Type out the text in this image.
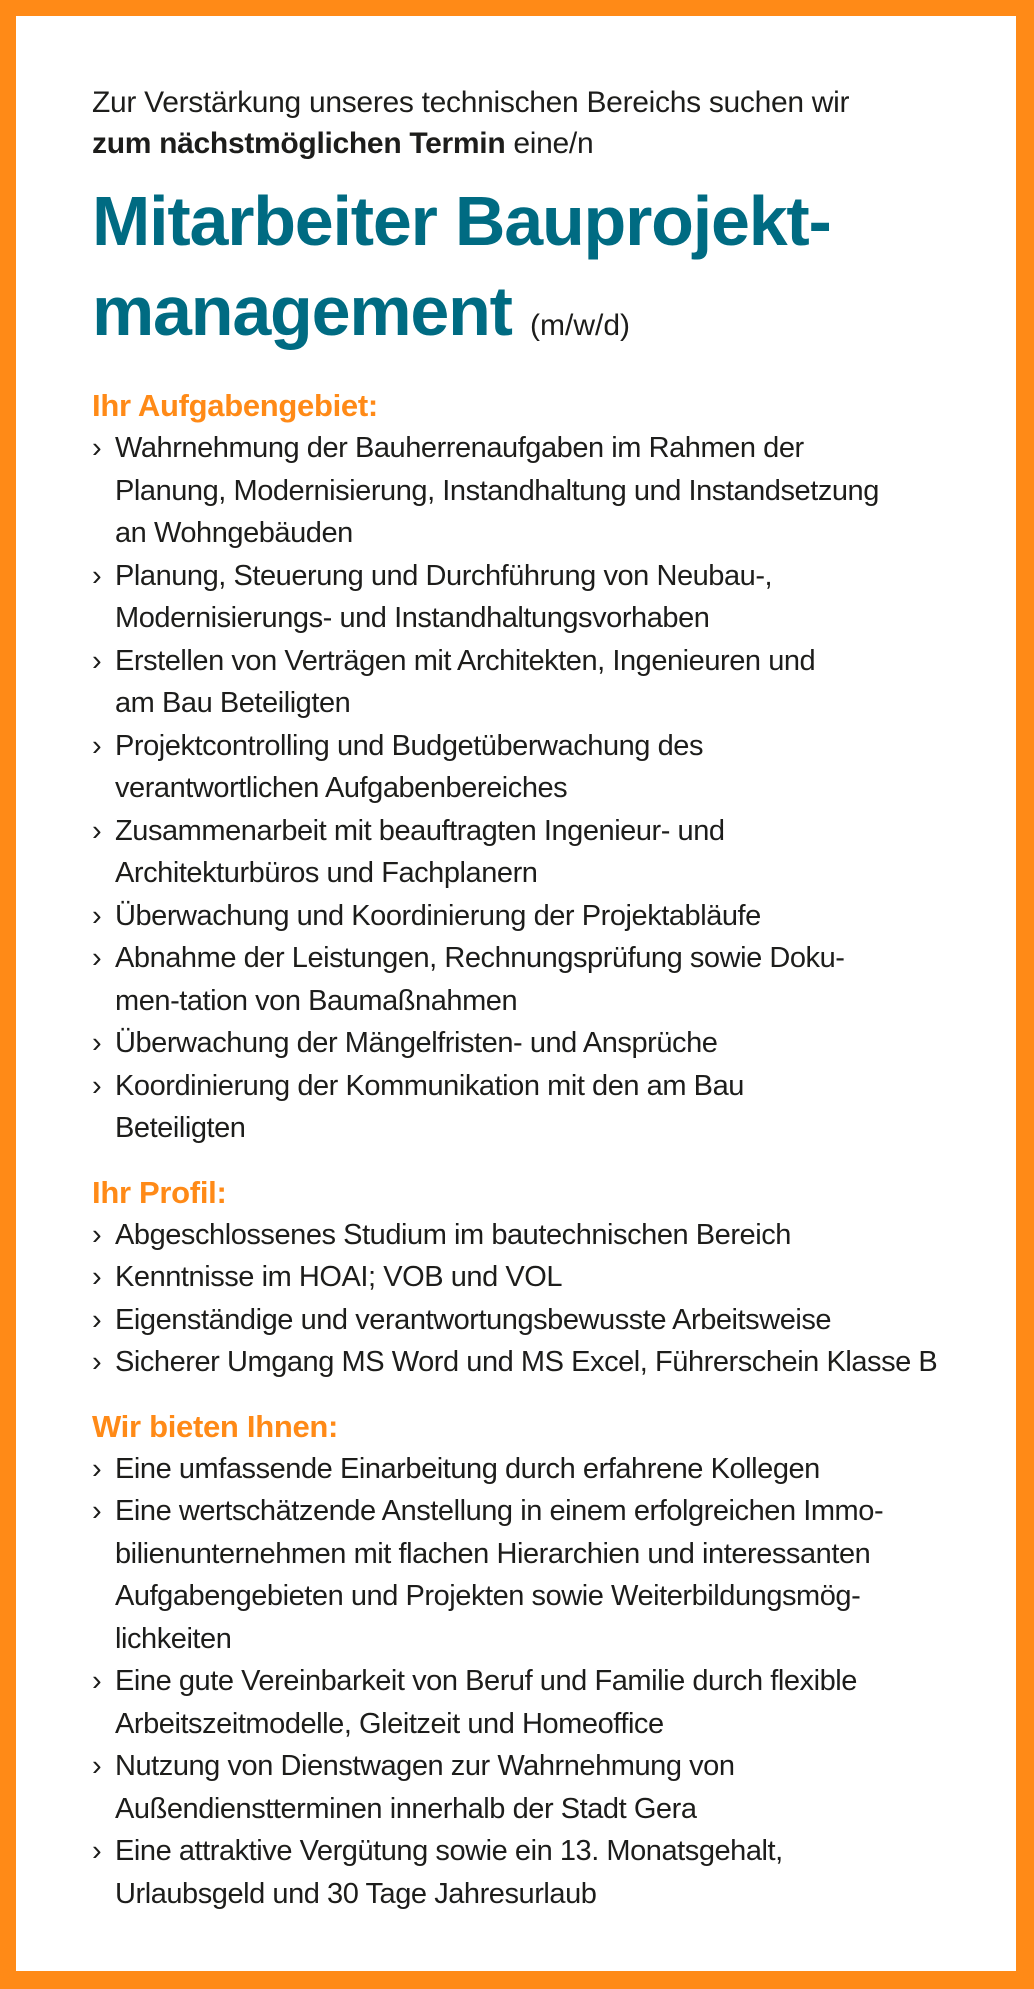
Zur Verstärkung unseres technischen Bereichs suchen wir
zum nächstmöglichen Termin eine/n
Mitarbeiter Bauprojekt-
management (m/w/d)
Ihr Aufgabengebiet:
› Wahrnehmung der Bauherrenaufgaben im Rahmen der
Planung, Modernisierung, Instandhaltung und Instandsetzung
an Wohngebäuden
› Planung, Steuerung und Durchführung von Neubau-,
Modernisierungs- und Instandhaltungsvorhaben
› Erstellen von Verträgen mit Architekten, Ingenieuren und
am Bau Beteiligten
› Projektcontrolling und Budgetüberwachung des
verantwortlichen Aufgabenbereiches
› Zusammenarbeit mit beauftragten Ingenieur- und
Architekturbüros und Fachplanern
› Überwachung und Koordinierung der Projektabläufe
› Abnahme der Leistungen, Rechnungsprüfung sowie Doku-
men-tation von Baumaßnahmen
› Überwachung der Mängelfristen- und Ansprüche
› Koordinierung der Kommunikation mit den am Bau
Beteiligten
Ihr Profil:
› Abgeschlossenes Studium im bautechnischen Bereich
› Kenntnisse im HOAI; VOB und VOL
› Eigenständige und verantwortungsbewusste Arbeitsweise
› Sicherer Umgang MS Word und MS Excel, Führerschein Klasse B
Wir bieten Ihnen:
› Eine umfassende Einarbeitung durch erfahrene Kollegen
› Eine wertschätzende Anstellung in einem erfolgreichen Immo-
bilienunternehmen mit flachen Hierarchien und interessanten
Aufgabengebieten und Projekten sowie Weiterbildungsmög-
lichkeiten
› Eine gute Vereinbarkeit von Beruf und Familie durch flexible
Arbeitszeitmodelle, Gleitzeit und Homeoffice
› Nutzung von Dienstwagen zur Wahrnehmung von
Außendienstterminen innerhalb der Stadt Gera
› Eine attraktive Vergütung sowie ein 13. Monatsgehalt,
Urlaubsgeld und 30 Tage Jahresurlaub
